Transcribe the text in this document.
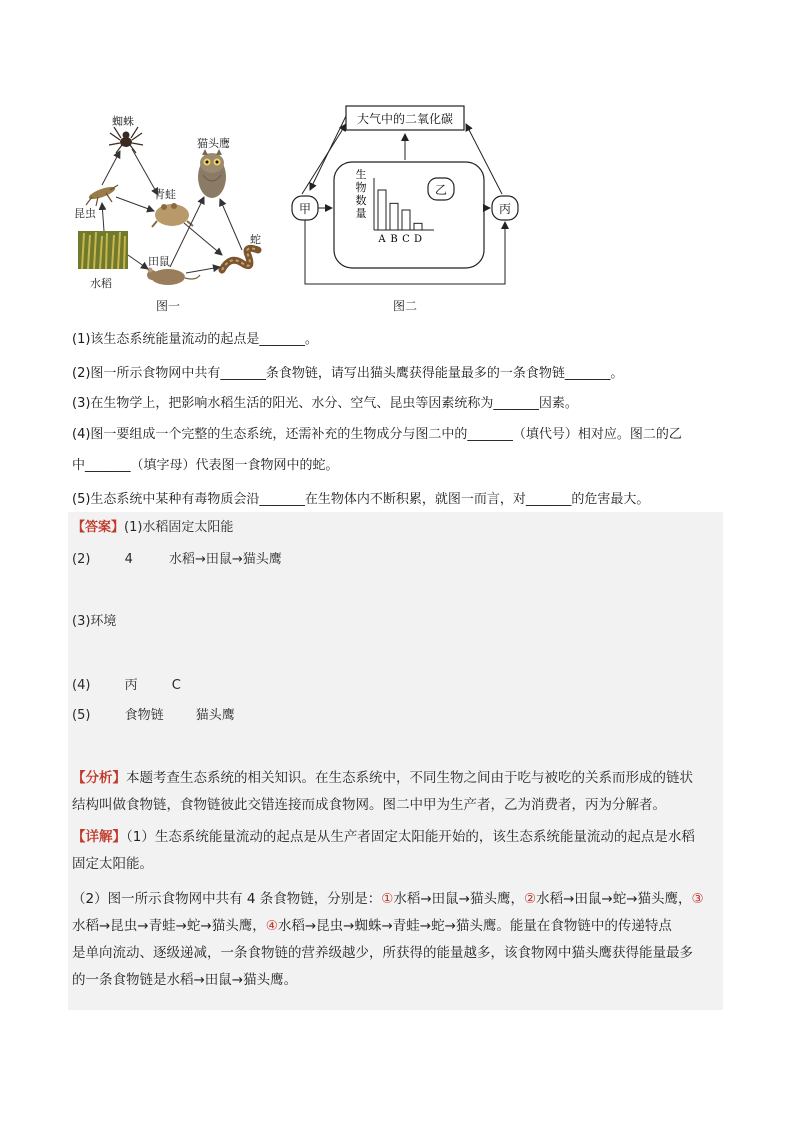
蜘蛛
猫头鹰
昆虫
青蛙
水稻
田鼠
蛇
图一
大气中的二氧化碳
甲	丙
乙
生
物
数
量
A B C D
图二
(1)该生态系统能量流动的起点是_______。
(2)图一所示食物网中共有_______条食物链，请写出猫头鹰获得能量最多的一条食物链_______。
(3)在生物学上，把影响水稻生活的阳光、水分、空气、昆虫等因素统称为_______因素。
(4)图一要组成一个完整的生态系统，还需补充的生物成分与图二中的_______（填代号）相对应。图二的乙
中_______（填字母）代表图一食物网中的蛇。
(5)生态系统中某种有毒物质会沿_______在生物体内不断积累，就图一而言，对_______的危害最大。
【答案】(1)水稻固定太阳能
(2)	4	水稻→田鼠→猫头鹰
(3)环境
(4)	丙	C
(5)	食物链 猫头鹰
【分析】本题考查生态系统的相关知识。在生态系统中，不同生物之间由于吃与被吃的关系而形成的链状
结构叫做食物链，食物链彼此交错连接而成食物网。图二中甲为生产者，乙为消费者，丙为分解者。
【详解】（1）生态系统能量流动的起点是从生产者固定太阳能开始的，该生态系统能量流动的起点是水稻
固定太阳能。
（2）图一所示食物网中共有 4 条食物链，分别是：①水稻→田鼠→猫头鹰，②水稻→田鼠→蛇→猫头鹰，③
水稻→昆虫→青蛙→蛇→猫头鹰，④水稻→昆虫→蜘蛛→青蛙→蛇→猫头鹰。能量在食物链中的传递特点
是单向流动、逐级递减，一条食物链的营养级越少，所获得的能量越多，该食物网中猫头鹰获得能量最多
的一条食物链是水稻→田鼠→猫头鹰。
